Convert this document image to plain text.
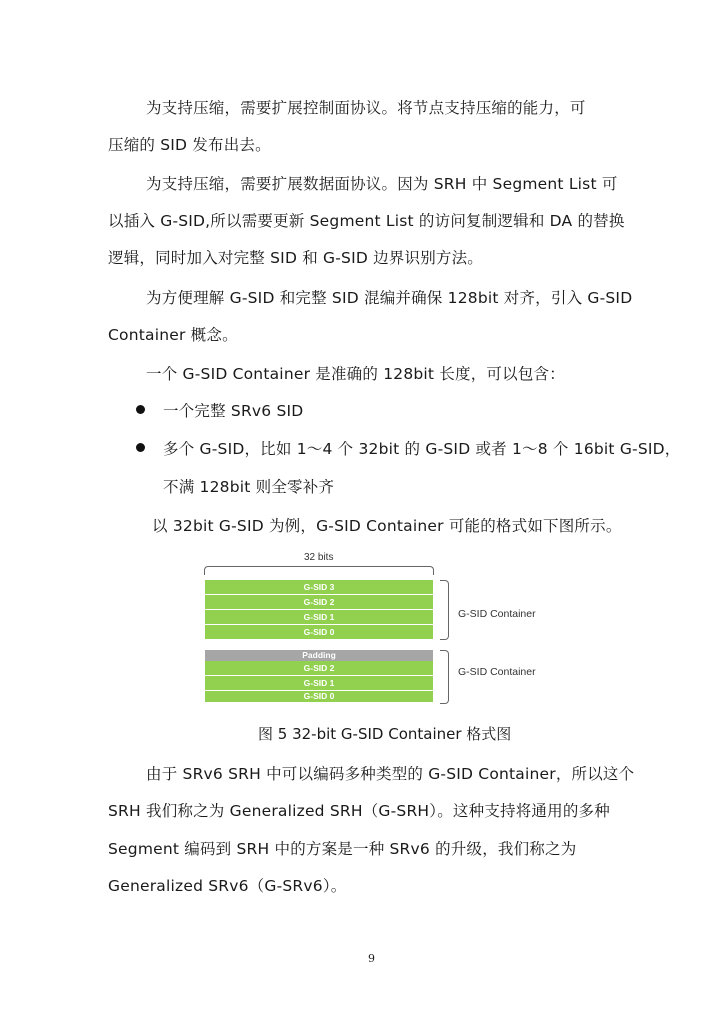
为支持压缩，需要扩展控制面协议。将节点支持压缩的能力，可
压缩的 SID 发布出去。
为支持压缩，需要扩展数据面协议。因为 SRH 中 Segment List 可
以插入 G-SID,所以需要更新 Segment List 的访问复制逻辑和 DA 的替换
逻辑，同时加入对完整 SID 和 G-SID 边界识别方法。
为方便理解 G-SID 和完整 SID 混编并确保 128bit 对齐，引入 G-SID
Container 概念。
一个 G-SID Container 是准确的 128bit 长度，可以包含：
一个完整 SRv6 SID
多个 G-SID，比如 1～4 个 32bit 的 G-SID 或者 1～8 个 16bit G-SID，
不满 128bit 则全零补齐
以 32bit G-SID 为例，G-SID Container 可能的格式如下图所示。
32 bits
G-SID 3
G-SID 2
G-SID 1
G-SID 0
G-SID Container
Padding
G-SID 2
G-SID 1
G-SID 0
G-SID Container
图 5 32-bit G-SID Container 格式图
由于 SRv6 SRH 中可以编码多种类型的 G-SID Container，所以这个
SRH 我们称之为 Generalized SRH（G-SRH）。这种支持将通用的多种
Segment 编码到 SRH 中的方案是一种 SRv6 的升级，我们称之为
Generalized SRv6（G-SRv6）。
9
